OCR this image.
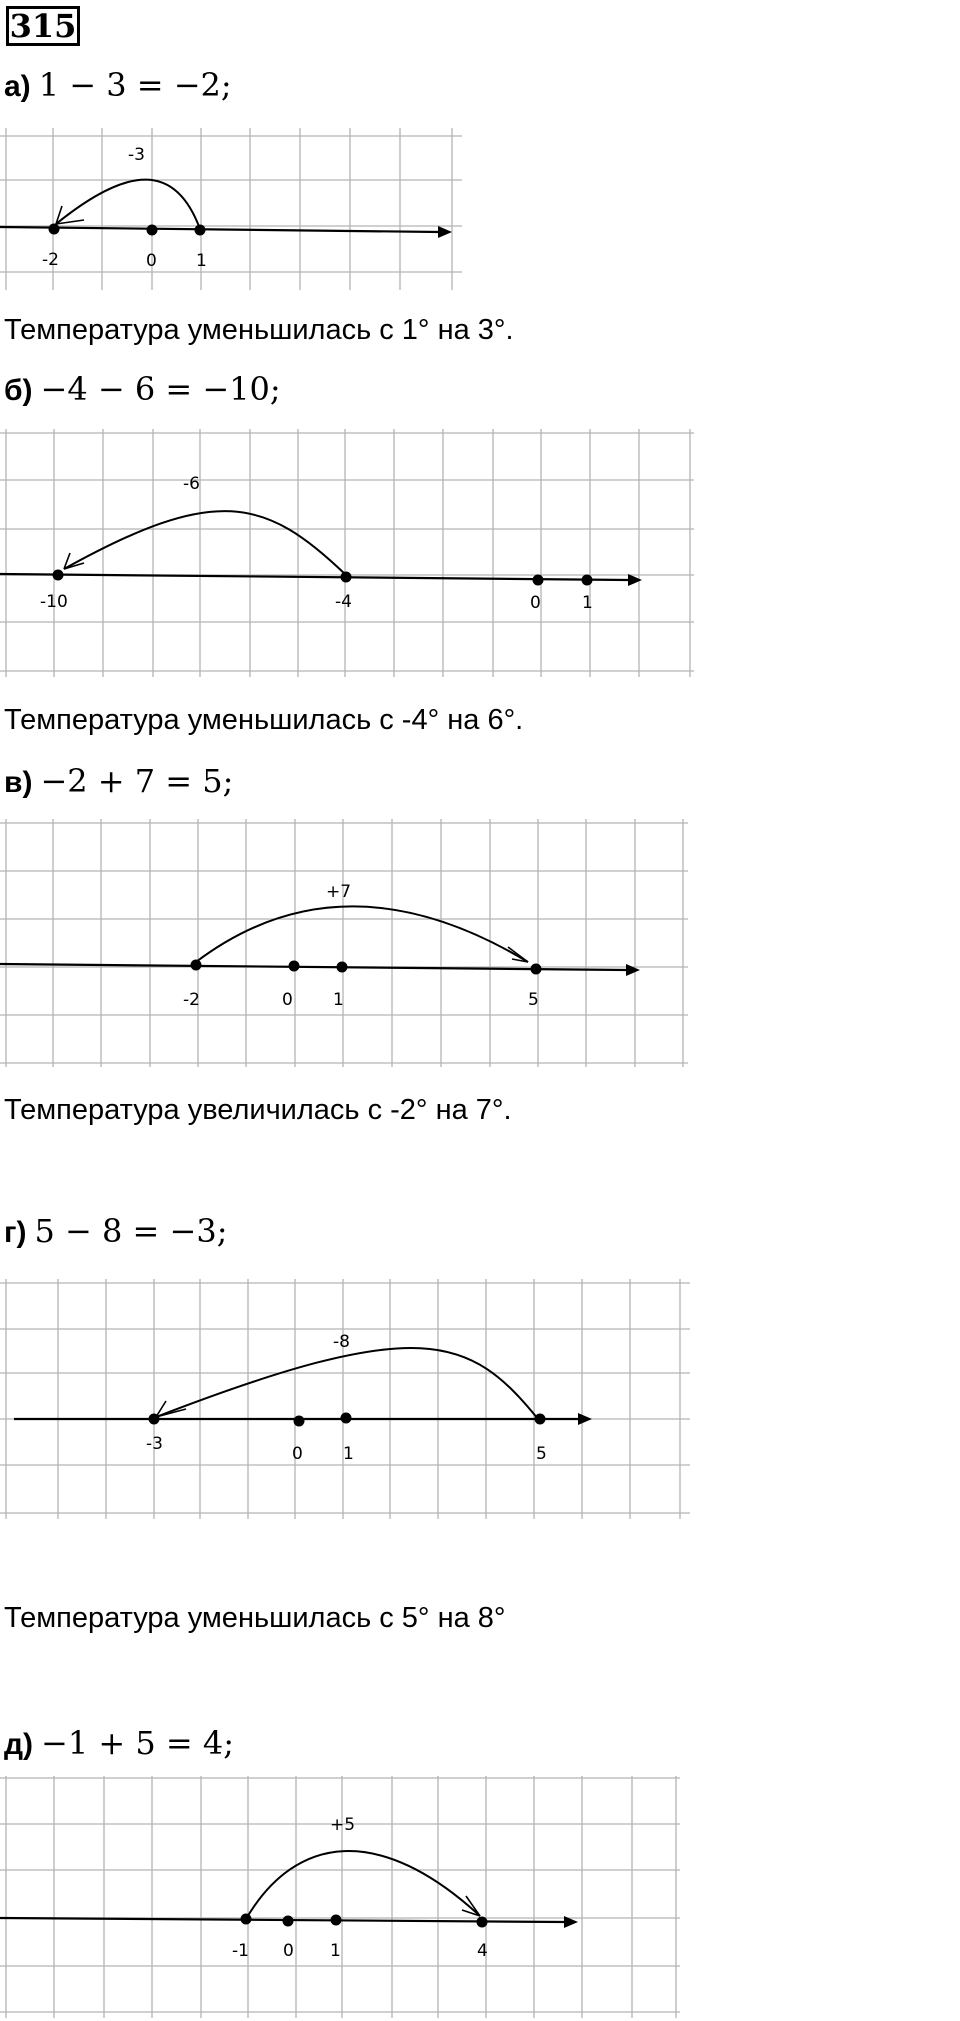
315
а) 1 − 3 = −2;
-3
-2	0 1
Температура уменьшилась с 1° на 3°.
б) −4 − 6 = −10;
-6
-10	-4	0 1
Температура уменьшилась с -4° на 6°.
в) −2 + 7 = 5;
+7
-2	0 1	5
Температура увеличилась с -2° на 7°.
г) 5 − 8 = −3;
-8
-3	0 1	5
Температура уменьшилась с 5° на 8°
д) −1 + 5 = 4;
+5
-1 0 1	4
